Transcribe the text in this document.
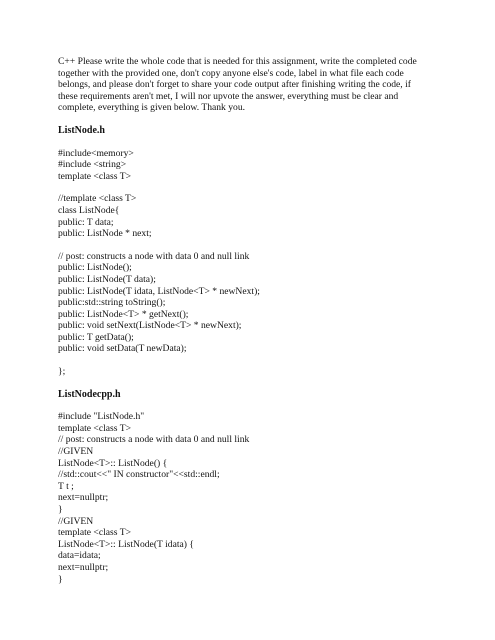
C++ Please write the whole code that is needed for this assignment, write the completed code
together with the provided one, don't copy anyone else's code, label in what file each code
belongs, and please don't forget to share your code output after finishing writing the code, if
these requirements aren't met, I will nor upvote the answer, everything must be clear and
complete, everything is given below. Thank you.
ListNode.h
#include<memory>
#include <string>
template <class T>
//template <class T>
class ListNode{
public: T data;
public: ListNode * next;
// post: constructs a node with data 0 and null link
public: ListNode();
public: ListNode(T data);
public: ListNode(T idata, ListNode<T> * newNext);
public:std::string toString();
public: ListNode<T> * getNext();
public: void setNext(ListNode<T> * newNext);
public: T getData();
public: void setData(T newData);
};
ListNodecpp.h
#include "ListNode.h"
template <class T>
// post: constructs a node with data 0 and null link
//GIVEN
ListNode<T>:: ListNode() {
//std::cout<<" IN constructor"<<std::endl;
T t ;
next=nullptr;
}
//GIVEN
template <class T>
ListNode<T>:: ListNode(T idata) {
data=idata;
next=nullptr;
}
